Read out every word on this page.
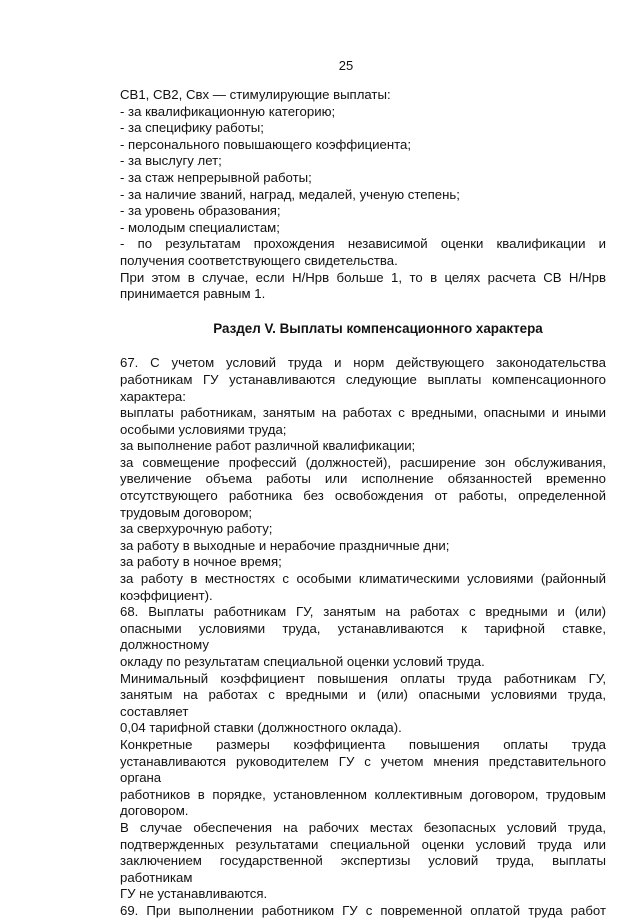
25
СВ1, СВ2, Свх — стимулирующие выплаты:
- за квалификационную категорию;
- за специфику работы;
- персонального повышающего коэффициента;
- за выслугу лет;
- за стаж непрерывной работы;
- за наличие званий, наград, медалей, ученую степень;
- за уровень образования;
- молодым специалистам;
- по результатам прохождения независимой оценки квалификации и
получения соответствующего свидетельства.
При этом в случае, если Н/Нрв больше 1, то в целях расчета СВ Н/Нрв
принимается равным 1.
Раздел V. Выплаты компенсационного характера
67. С учетом условий труда и норм действующего законодательства
работникам ГУ устанавливаются следующие выплаты компенсационного
характера:
выплаты работникам, занятым на работах с вредными, опасными и иными
особыми условиями труда;
за выполнение работ различной квалификации;
за совмещение профессий (должностей), расширение зон обслуживания,
увеличение объема работы или исполнение обязанностей временно
отсутствующего работника без освобождения от работы, определенной
трудовым договором;
за сверхурочную работу;
за работу в выходные и нерабочие праздничные дни;
за работу в ночное время;
за работу в местностях с особыми климатическими условиями (районный
коэффициент).
68. Выплаты работникам ГУ, занятым на работах с вредными и (или)
опасными условиями труда, устанавливаются к тарифной ставке, должностному
окладу по результатам специальной оценки условий труда.
Минимальный коэффициент повышения оплаты труда работникам ГУ,
занятым на работах с вредными и (или) опасными условиями труда, составляет
0,04 тарифной ставки (должностного оклада).
Конкретные размеры коэффициента повышения оплаты труда
устанавливаются руководителем ГУ с учетом мнения представительного органа
работников в порядке, установленном коллективным договором, трудовым
договором.
В случае обеспечения на рабочих местах безопасных условий труда,
подтвержденных результатами специальной оценки условий труда или
заключением государственной экспертизы условий труда, выплаты работникам
ГУ не устанавливаются.
69. При выполнении работником ГУ с повременной оплатой труда работ
